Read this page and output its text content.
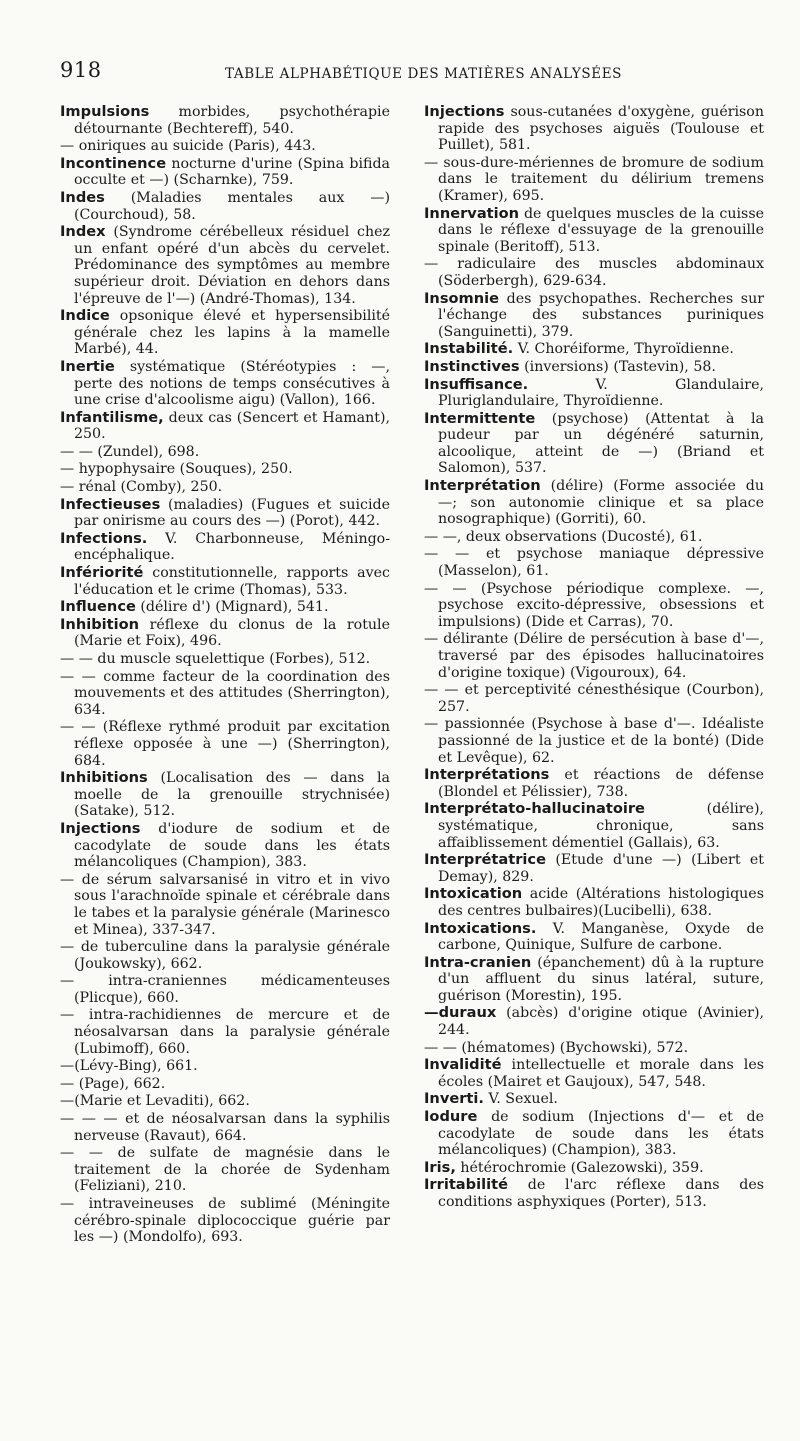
918	TABLE ALPHABÉTIQUE DES MATIÈRES ANALYSÉES

Impulsions morbides, psychothérapie détournante (Bechtereff), 540.

— oniriques au suicide (Paris), 443.

Incontinence nocturne d'urine (Spina bifida occulte et —) (Scharnke), 759.

Indes (Maladies mentales aux —) (Courchoud), 58.

Index (Syndrome cérébelleux résiduel chez un enfant opéré d'un abcès du cervelet. Prédominance des symptômes au membre supérieur droit. Déviation en dehors dans l'épreuve de l'—) (André-Thomas), 134.

Indice opsonique élevé et hypersensibilité générale chez les lapins à la mamelle Marbé), 44.

Inertie systématique (Stéréotypies : —, perte des notions de temps consécutives à une crise d'alcoolisme aigu) (Vallon), 166.

Infantilisme, deux cas (Sencert et Hamant), 250.

— — (Zundel), 698.

— hypophysaire (Souques), 250.

— rénal (Comby), 250.

Infectieuses (maladies) (Fugues et suicide par onirisme au cours des —) (Porot), 442.

Infections. V. Charbonneuse, Méningo-encéphalique.

Infériorité constitutionnelle, rapports avec l'éducation et le crime (Thomas), 533.

Influence (délire d') (Mignard), 541.

Inhibition réflexe du clonus de la rotule (Marie et Foix), 496.

— — du muscle squelettique (Forbes), 512.

— — comme facteur de la coordination des mouvements et des attitudes (Sherrington), 634.

— — (Réflexe rythmé produit par excitation réflexe opposée à une —) (Sherrington), 684.

Inhibitions (Localisation des — dans la moelle de la grenouille strychnisée) (Satake), 512.

Injections d'iodure de sodium et de cacodylate de soude dans les états mélancoliques (Champion), 383.

— de sérum salvarsanisé in vitro et in vivo sous l'arachnoïde spinale et cérébrale dans le tabes et la paralysie générale (Marinesco et Minea), 337-347.

— de tuberculine dans la paralysie générale (Joukowsky), 662.

— intra-craniennes médicamenteuses (Plicque), 660.

— intra-rachidiennes de mercure et de néosalvarsan dans la paralysie générale (Lubimoff), 660.

—(Lévy-Bing), 661.

— (Page), 662.

—(Marie et Levaditi), 662.

— — — et de néosalvarsan dans la syphilis nerveuse (Ravaut), 664.

— — de sulfate de magnésie dans le traitement de la chorée de Sydenham (Feliziani), 210.

— intraveineuses de sublimé (Méningite cérébro-spinale diplococcique guérie par les —) (Mondolfo), 693.

Injections sous-cutanées d'oxygène, guérison rapide des psychoses aiguës (Toulouse et Puillet), 581.

— sous-dure-mériennes de bromure de sodium dans le traitement du délirium tremens (Kramer), 695.

Innervation de quelques muscles de la cuisse dans le réflexe d'essuyage de la grenouille spinale (Beritoff), 513.

— radiculaire des muscles abdominaux (Söderbergh), 629-634.

Insomnie des psychopathes. Recherches sur l'échange des substances puriniques (Sanguinetti), 379.

Instabilité. V. Choréiforme, Thyroïdienne.

Instinctives (inversions) (Tastevin), 58.

Insuffisance. V. Glandulaire, Pluriglandulaire, Thyroïdienne.

Intermittente (psychose) (Attentat à la pudeur par un dégénéré saturnin, alcoolique, atteint de —) (Briand et Salomon), 537.

Interprétation (délire) (Forme associée du —; son autonomie clinique et sa place nosographique) (Gorriti), 60.

— —, deux observations (Ducosté), 61.

— — et psychose maniaque dépressive (Masselon), 61.

— — (Psychose périodique complexe. —, psychose excito-dépressive, obsessions et impulsions) (Dide et Carras), 70.

— délirante (Délire de persécution à base d'—, traversé par des épisodes hallucinatoires d'origine toxique) (Vigouroux), 64.

— — et perceptivité cénesthésique (Courbon), 257.

— passionnée (Psychose à base d'—. Idéaliste passionné de la justice et de la bonté) (Dide et Levêque), 62.

Interprétations et réactions de défense (Blondel et Pélissier), 738.

Interprétato-hallucinatoire (délire), systématique, chronique, sans affaiblissement démentiel (Gallais), 63.

Interprétatrice (Etude d'une —) (Libert et Demay), 829.

Intoxication acide (Altérations histologiques des centres bulbaires)(Lucibelli), 638.

Intoxications. V. Manganèse, Oxyde de carbone, Quinique, Sulfure de carbone.

Intra-cranien (épanchement) dû à la rupture d'un affluent du sinus latéral, suture, guérison (Morestin), 195.

—duraux (abcès) d'origine otique (Avinier), 244.

— — (hématomes) (Bychowski), 572.

Invalidité intellectuelle et morale dans les écoles (Mairet et Gaujoux), 547, 548.

Inverti. V. Sexuel.

Iodure de sodium (Injections d'— et de cacodylate de soude dans les états mélancoliques) (Champion), 383.

Iris, hétérochromie (Galezowski), 359.

Irritabilité de l'arc réflexe dans des conditions asphyxiques (Porter), 513.
